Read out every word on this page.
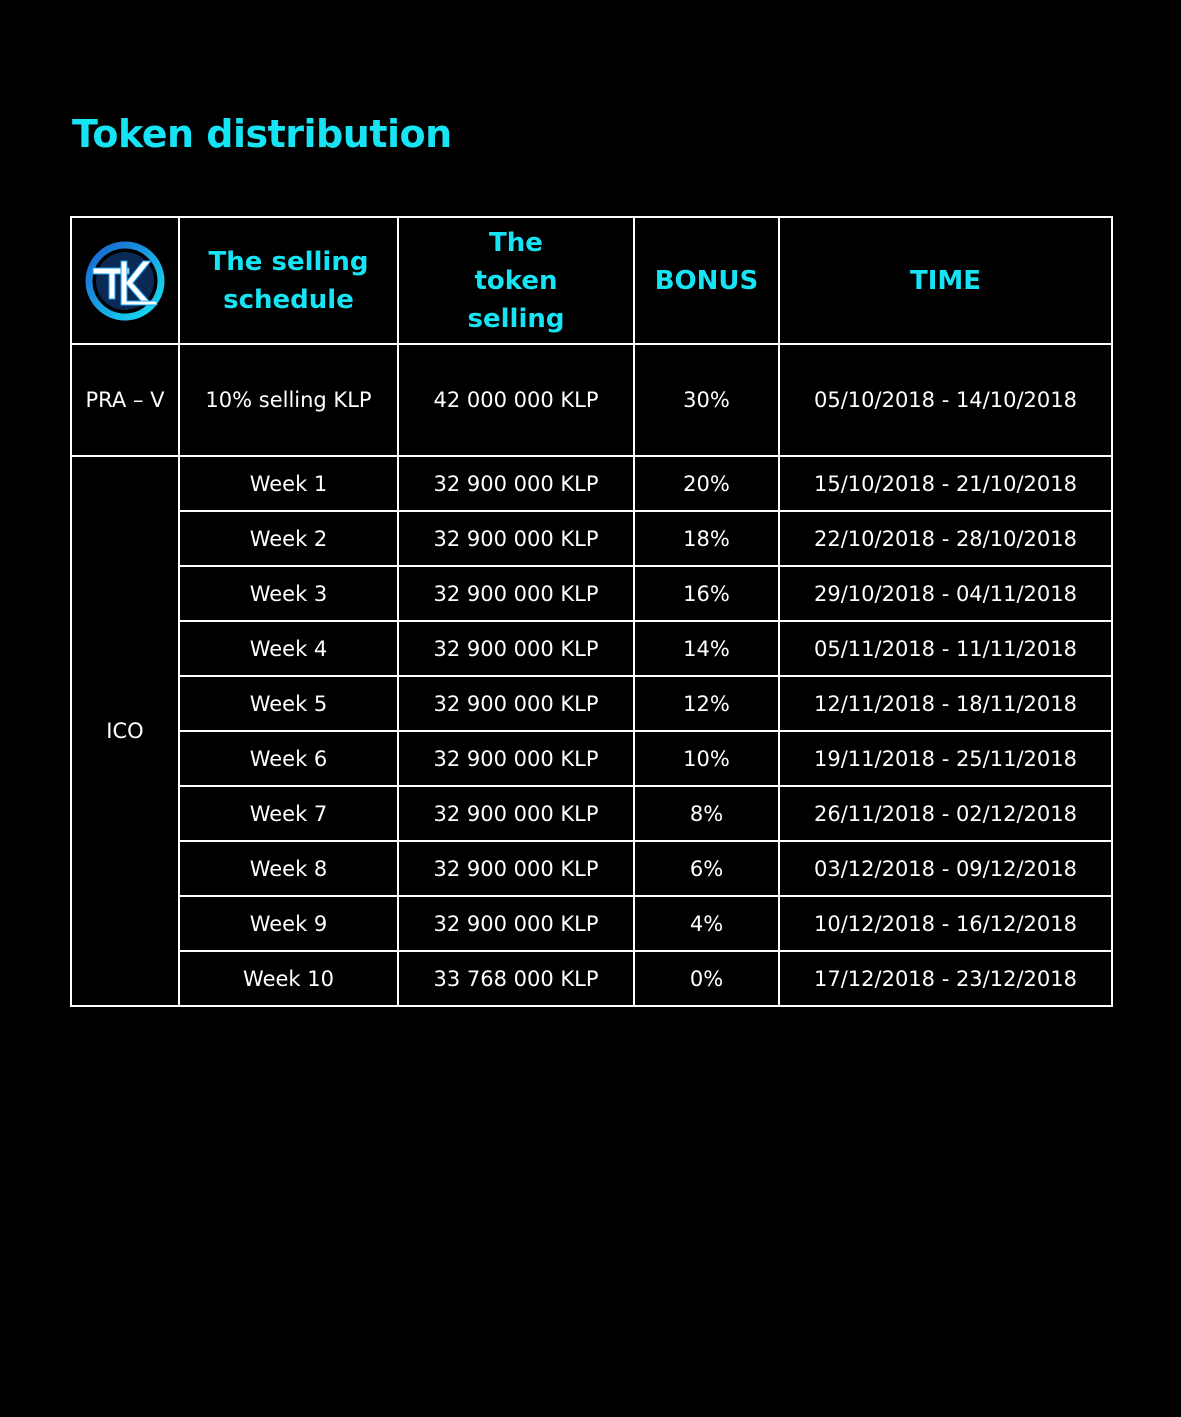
Token distribution
	The selling schedule	The token selling	BONUS	TIME
PRA – V	10% selling KLP	42 000 000 KLP	30%	05/10/2018 - 14/10/2018
ICO	Week 1	32 900 000 KLP	20%	15/10/2018 - 21/10/2018
	Week 2	32 900 000 KLP	18%	22/10/2018 - 28/10/2018
	Week 3	32 900 000 KLP	16%	29/10/2018 - 04/11/2018
	Week 4	32 900 000 KLP	14%	05/11/2018 - 11/11/2018
	Week 5	32 900 000 KLP	12%	12/11/2018 - 18/11/2018
	Week 6	32 900 000 KLP	10%	19/11/2018 - 25/11/2018
	Week 7	32 900 000 KLP	8%	26/11/2018 - 02/12/2018
	Week 8	32 900 000 KLP	6%	03/12/2018 - 09/12/2018
	Week 9	32 900 000 KLP	4%	10/12/2018 - 16/12/2018
	Week 10	33 768 000 KLP	0%	17/12/2018 - 23/12/2018
